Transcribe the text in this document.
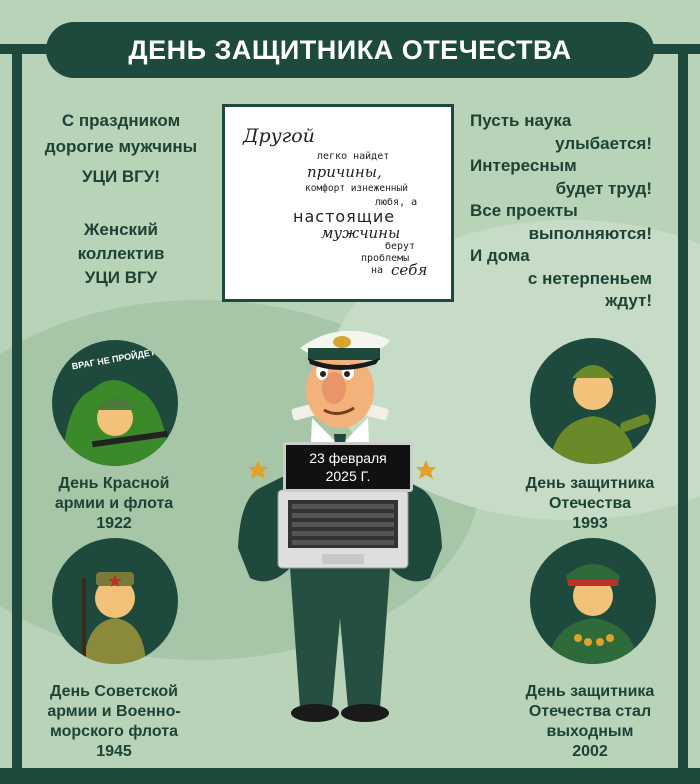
ДЕНЬ ЗАЩИТНИКА ОТЕЧЕСТВА
С праздником
дорогие мужчины
УЦИ ВГУ!
Женский
коллектив
УЦИ ВГУ
Пусть наука
улыбается!
Интересным
будет труд!
Все проекты
выполняются!
И дома
с нетерпеньем
ждут!
Другой
легко найдет
причины,
комфорт изнеженный
любя, а
настоящие
мужчины
берут
проблемы
на себя
23 февраля
2025 Г.
ВРАГ НЕ ПРОЙДЕТ!
День Красной
армии и флота
1922
День Советской
армии и Военно-
морского флота
1945
День защитника
Отечества
1993
День защитника
Отечества стал
выходным
2002
